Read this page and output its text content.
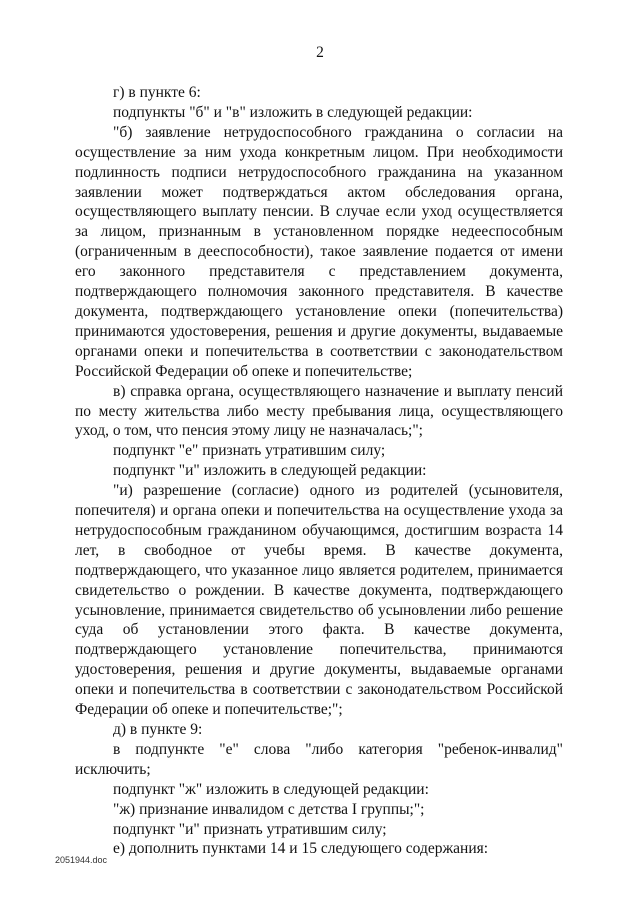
2

г) в пункте 6:

подпункты "б" и "в" изложить в следующей редакции:

"б) заявление нетрудоспособного гражданина о согласии на осуществление за ним ухода конкретным лицом. При необходимости подлинность подписи нетрудоспособного гражданина на указанном заявлении может подтверждаться актом обследования органа, осуществляющего выплату пенсии. В случае если уход осуществляется за лицом, признанным в установленном порядке недееспособным (ограниченным в дееспособности), такое заявление подается от имени его законного представителя с представлением документа, подтверждающего полномочия законного представителя. В качестве документа, подтверждающего установление опеки (попечительства) принимаются удостоверения, решения и другие документы, выдаваемые органами опеки и попечительства в соответствии с законодательством Российской Федерации об опеке и попечительстве;

в) справка органа, осуществляющего назначение и выплату пенсий по месту жительства либо месту пребывания лица, осуществляющего уход, о том, что пенсия этому лицу не назначалась;";

подпункт "е" признать утратившим силу;

подпункт "и" изложить в следующей редакции:

"и) разрешение (согласие) одного из родителей (усыновителя, попечителя) и органа опеки и попечительства на осуществление ухода за нетрудоспособным гражданином обучающимся, достигшим возраста 14 лет, в свободное от учебы время. В качестве документа, подтверждающего, что указанное лицо является родителем, принимается свидетельство о рождении. В качестве документа, подтверждающего усыновление, принимается свидетельство об усыновлении либо решение суда об установлении этого факта. В качестве документа, подтверждающего установление попечительства, принимаются удостоверения, решения и другие документы, выдаваемые органами опеки и попечительства в соответствии с законодательством Российской Федерации об опеке и попечительстве;";

д) в пункте 9:

в подпункте "е" слова "либо категория "ребенок-инвалид" исключить;

подпункт "ж" изложить в следующей редакции:

"ж) признание инвалидом с детства I группы;";

подпункт "и" признать утратившим силу;

е) дополнить пунктами 14 и 15 следующего содержания:

2051944.doc
